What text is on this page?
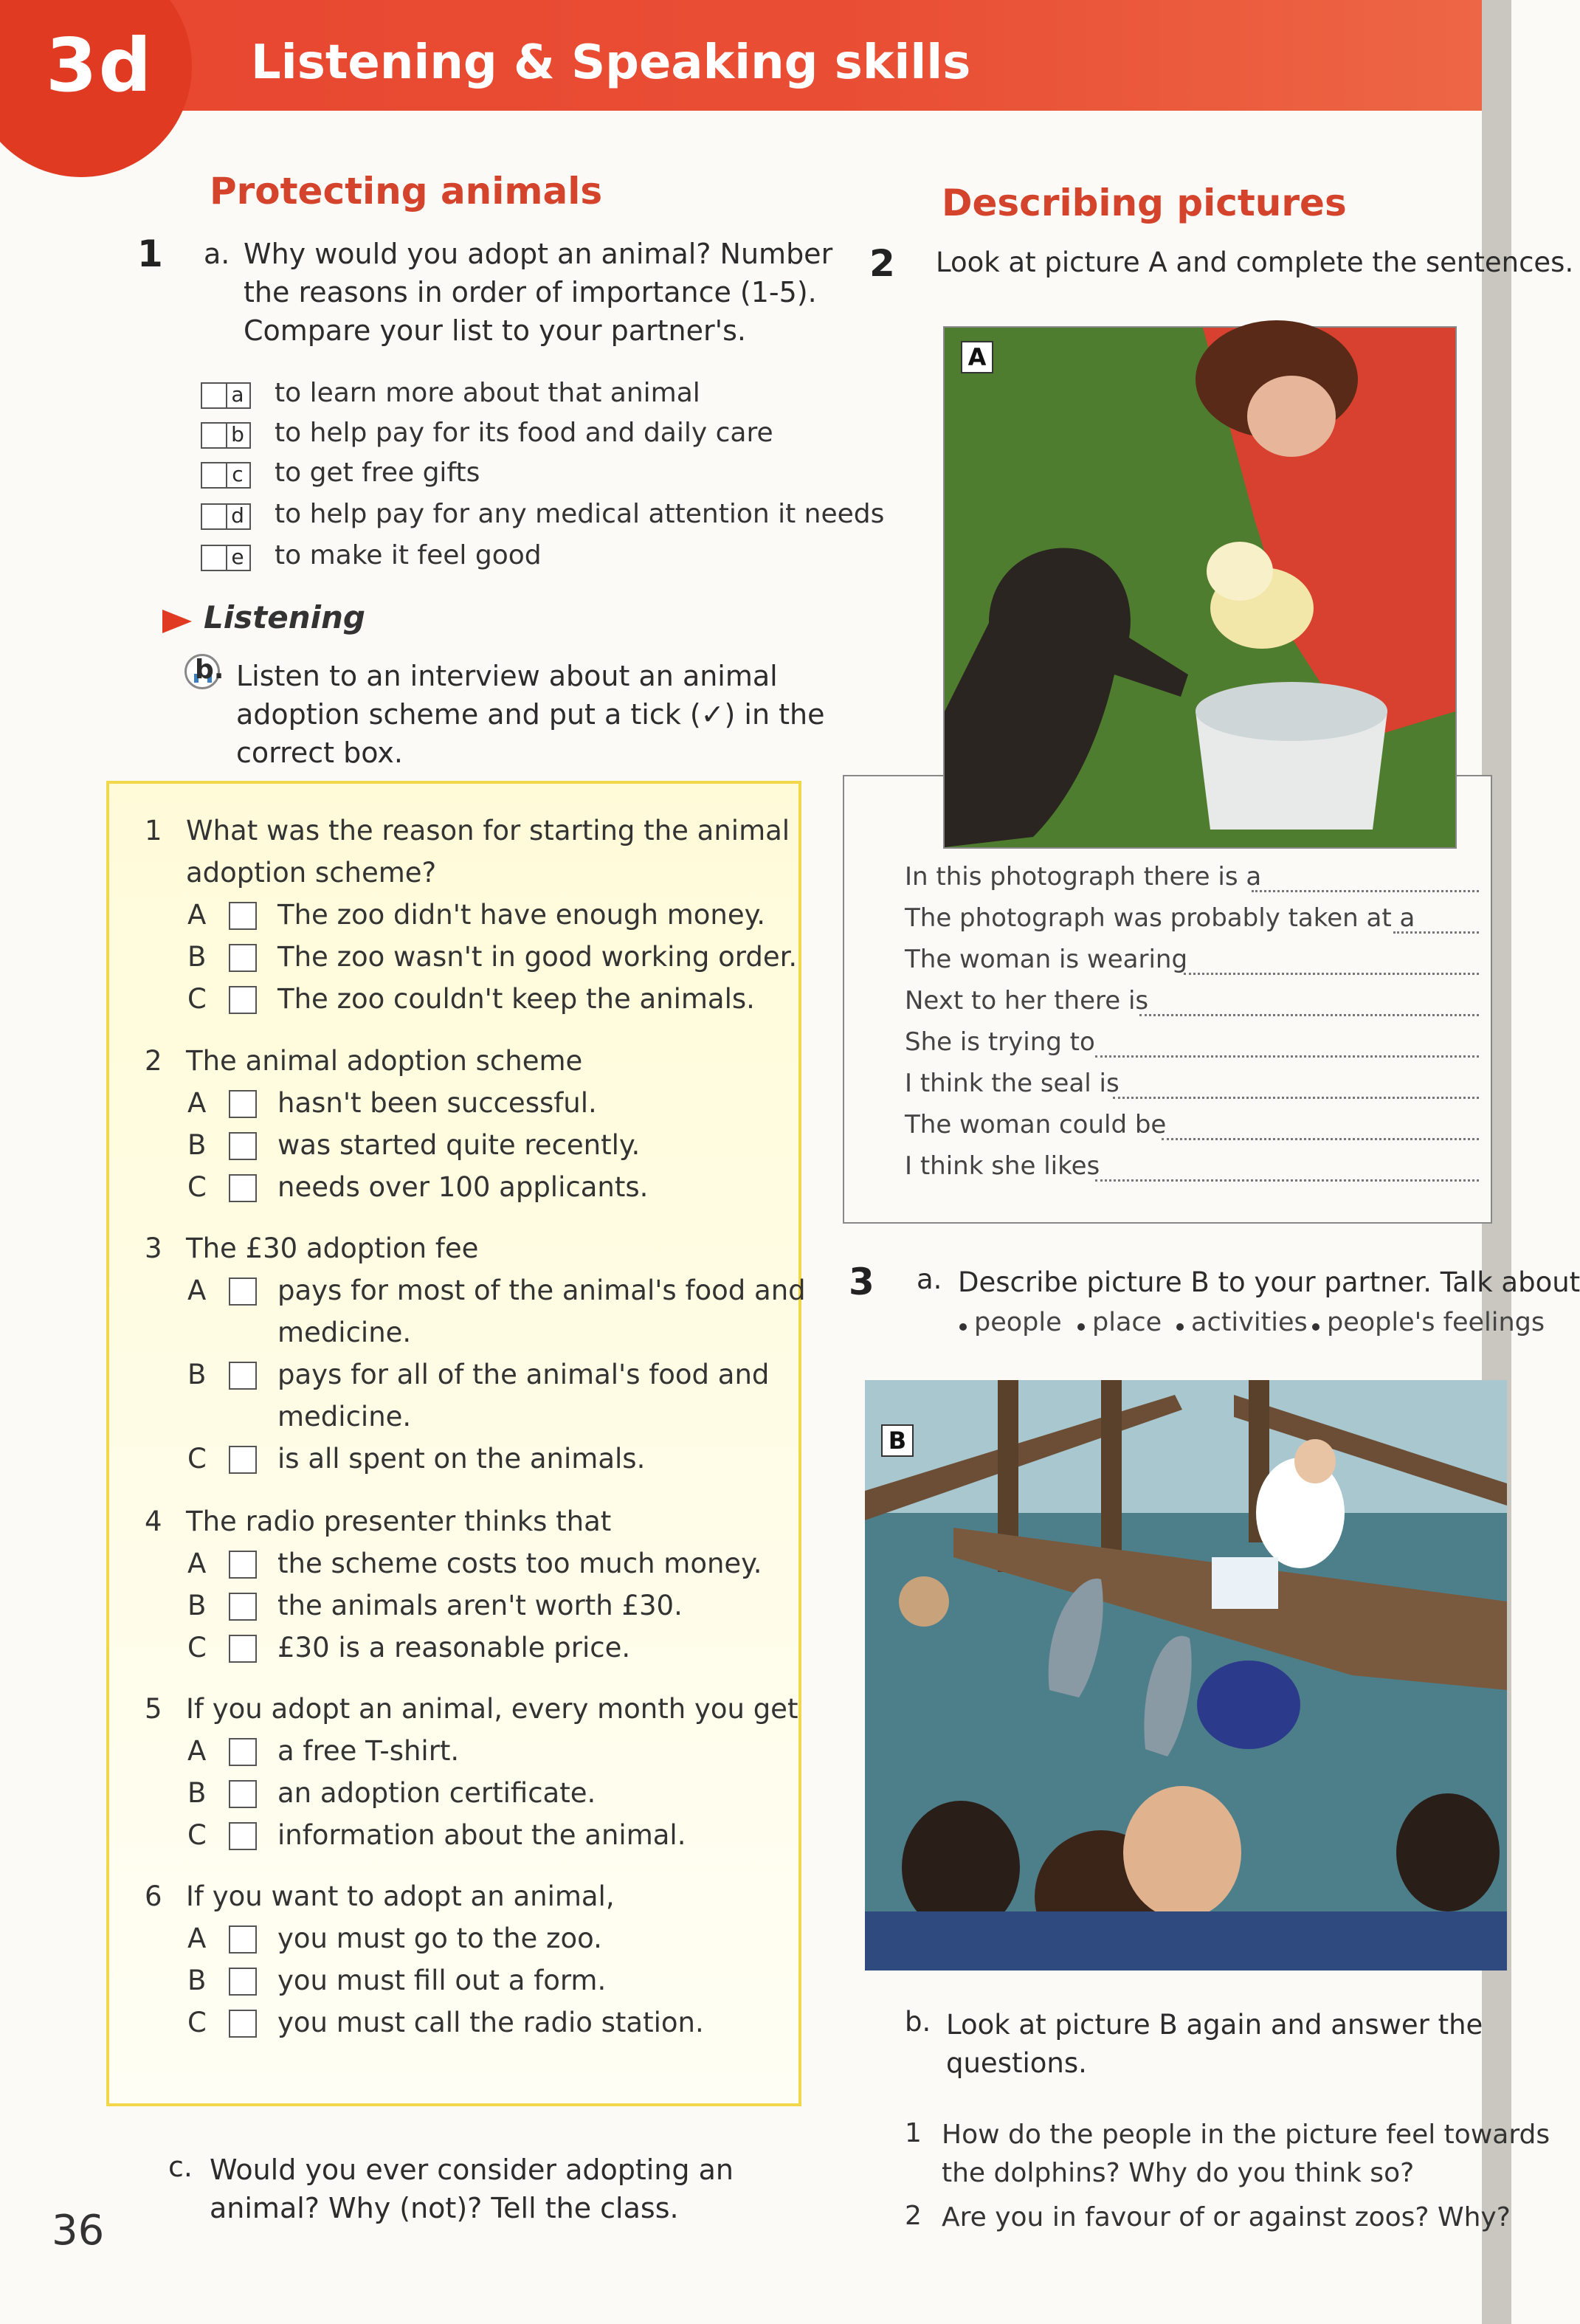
3d Listening & Speaking skills
Protecting animals
1 a. Why would you adopt an animal? Number
the reasons in order of importance (1-5).
Compare your list to your partner's.
a to learn more about that animal
b to help pay for its food and daily care
c to get free gifts
d to help pay for any medical attention it needs
e to make it feel good
Listening
b. Listen to an interview about an animal
adoption scheme and put a tick (✓) in the
correct box.
1 What was the reason for starting the animal
adoption scheme?
A	The zoo didn't have enough money.
B	The zoo wasn't in good working order.
C	The zoo couldn't keep the animals.
2 The animal adoption scheme
A	hasn't been successful.
B	was started quite recently.
C	needs over 100 applicants.
3 The £30 adoption fee
A	pays for most of the animal's food and
medicine.
B	pays for all of the animal's food and
medicine.
C	is all spent on the animals.
4 The radio presenter thinks that
A	the scheme costs too much money.
B	the animals aren't worth £30.
C	£30 is a reasonable price.
5 If you adopt an animal, every month you get
A	a free T-shirt.
B	an adoption certificate.
C	information about the animal.
6 If you want to adopt an animal,
A	you must go to the zoo.
B	you must fill out a form.
C	you must call the radio station.
c. Would you ever consider adopting an
animal? Why (not)? Tell the class.
36
Describing pictures
2 Look at picture A and complete the sentences.
A
In this photograph there is a
The photograph was probably taken at a
The woman is wearing
Next to her there is
She is trying to
I think the seal is
The woman could be
I think she likes
3 a. Describe picture B to your partner. Talk about
people place activities people's feelings
B
b. Look at picture B again and answer the
questions.
1 How do the people in the picture feel towards
the dolphins? Why do you think so?
2 Are you in favour of or against zoos? Why?
